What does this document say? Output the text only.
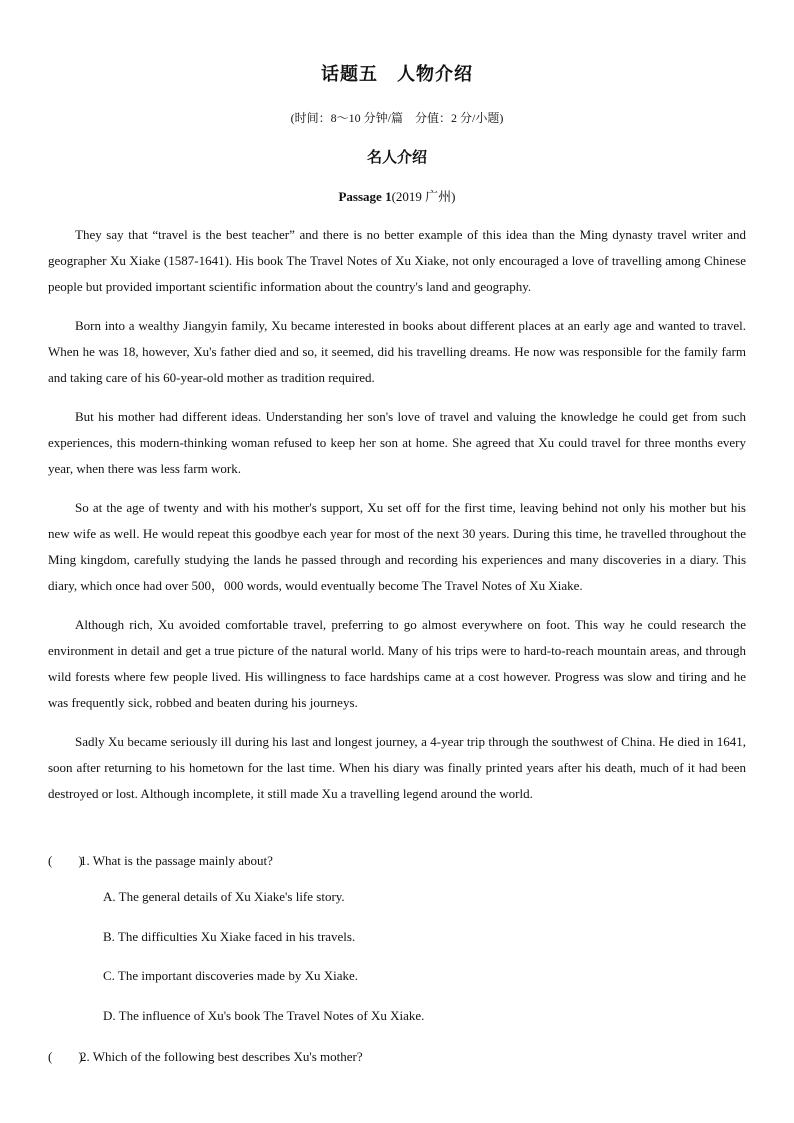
话题五　人物介绍
(时间：8～10 分钟/篇　分值：2 分/小题)
名人介绍
Passage 1(2019 广州)

They say that “travel is the best teacher” and there is no better example of this idea than the Ming dynasty travel writer and geographer Xu Xiake (1587-1641). His book The Travel Notes of Xu Xiake, not only encouraged a love of travelling among Chinese people but provided important scientific information about the country's land and geography.

Born into a wealthy Jiangyin family, Xu became interested in books about different places at an early age and wanted to travel. When he was 18, however, Xu's father died and so, it seemed, did his travelling dreams. He now was responsible for the family farm and taking care of his 60-year-old mother as tradition required.

But his mother had different ideas. Understanding her son's love of travel and valuing the knowledge he could get from such experiences, this modern-thinking woman refused to keep her son at home. She agreed that Xu could travel for three months every year, when there was less farm work.

So at the age of twenty and with his mother's support, Xu set off for the first time, leaving behind not only his mother but his new wife as well. He would repeat this goodbye each year for most of the next 30 years. During this time, he travelled throughout the Ming kingdom, carefully studying the lands he passed through and recording his experiences and many discoveries in a diary. This diary, which once had over 500，000 words, would eventually become The Travel Notes of Xu Xiake.

Although rich, Xu avoided comfortable travel, preferring to go almost everywhere on foot. This way he could research the environment in detail and get a true picture of the natural world. Many of his trips were to hard-to-reach mountain areas, and through wild forests where few people lived. His willingness to face hardships came at a cost however. Progress was slow and tiring and he was frequently sick, robbed and beaten during his journeys.

Sadly Xu became seriously ill during his last and longest journey, a 4-year trip through the southwest of China. He died in 1641, soon after returning to his hometown for the last time. When his diary was finally printed years after his death, much of it had been destroyed or lost. Although incomplete, it still made Xu a travelling legend around the world.

(　　)1. What is the passage mainly about?
A. The general details of Xu Xiake's life story.
B. The difficulties Xu Xiake faced in his travels.
C. The important discoveries made by Xu Xiake.
D. The influence of Xu's book The Travel Notes of Xu Xiake.
(　　)2. Which of the following best describes Xu's mother?
